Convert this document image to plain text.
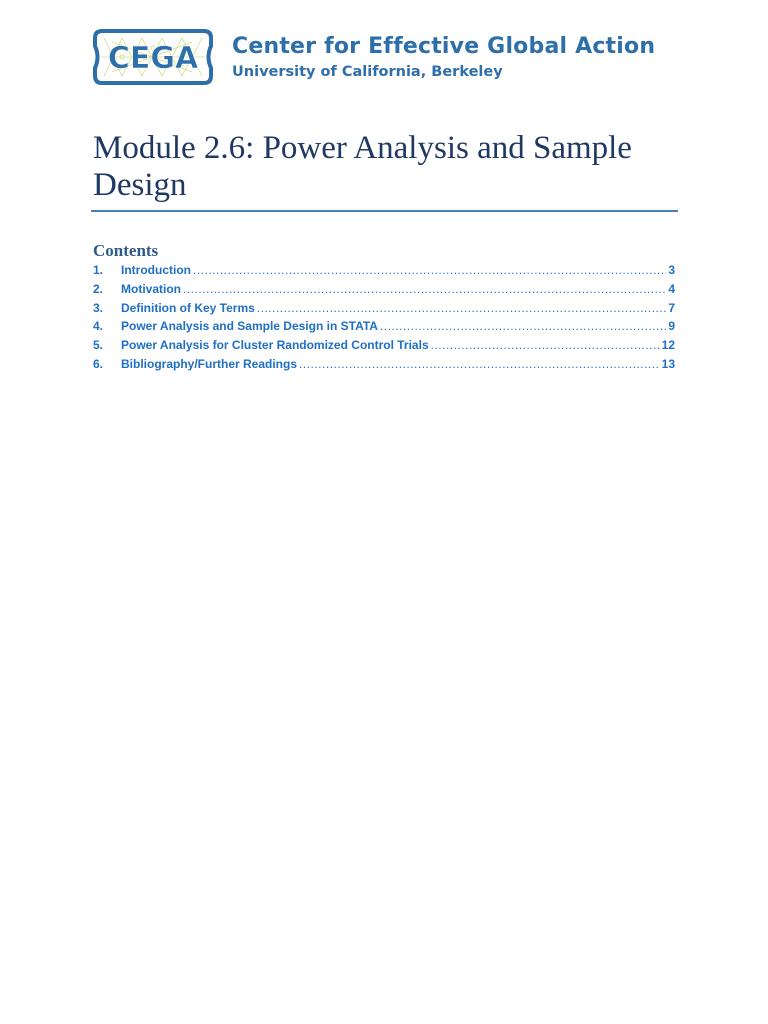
CEGA Center for Effective Global Action
University of California, Berkeley
Module 2.6: Power Analysis and Sample Design
Contents
1.	Introduction .....	3
2.	Motivation .....	4
3.	Definition of Key Terms .....	7
4.	Power Analysis and Sample Design in STATA .....	9
5.	Power Analysis for Cluster Randomized Control Trials .....	12
6.	Bibliography/Further Readings .....	13
